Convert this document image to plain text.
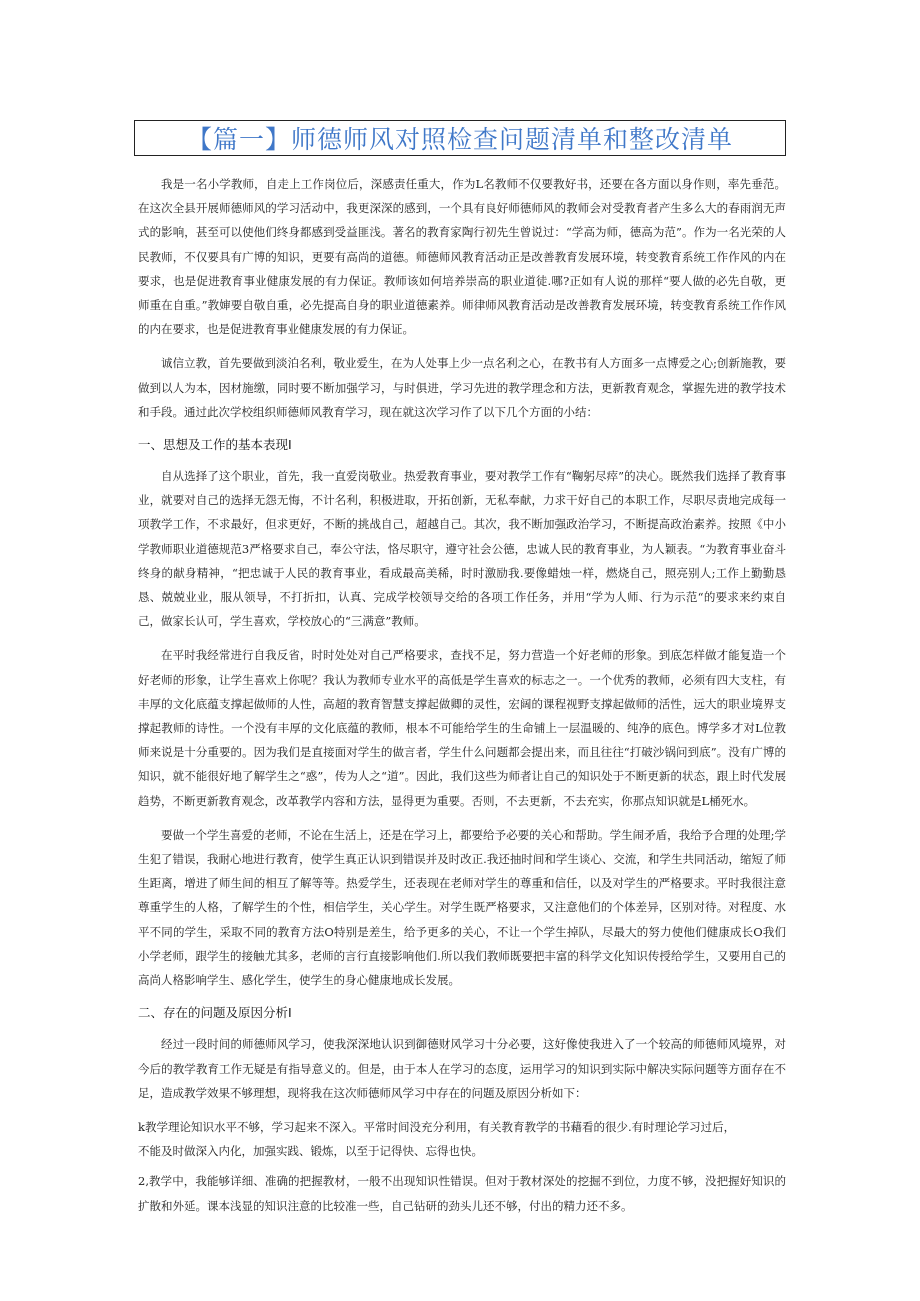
【篇一】师德师风对照检查问题清单和整改清单

我是一名小学教师，自走上工作岗位后，深感责任重大，作为L名教师不仅要教好书，还要在各方面以身作则，率先垂范。在这次全县开展师德师风的学习活动中，我更深深的感到，一个具有良好师德师风的教师会对受教育者产生多么大的春雨润无声式的影响，甚至可以使他们终身都感到受益匪浅。著名的教育家陶行初先生曾说过：“学高为师，德高为范”。作为一名光荣的人民教师，不仅要具有广博的知识，更要有高尚的道德。师德师风教育活动正是改善教育发展环境，转变教育系统工作作风的内在要求，也是促进教育事业健康发展的有力保证。教师该如何培养崇高的职业道徒.哪?正如有人说的那样“要人做的必先自敬，更师重在自重。”教婶要自敬自重，必先提高自身的职业道德素养。师律师风教育活动是改善教育发展环境，转变教育系统工作作风的内在要求，也是促进教育事业健康发展的有力保证。

诚信立教，首先要做到淡泊名利，敬业爱生，在为人处事上少一点名利之心，在教书有人方面多一点博爱之心;创新施教，要做到以人为本，因材施缴，同时要不断加强学习，与时俱进，学习先进的教学理念和方法，更新教育观念，掌握先进的教学技术和手段。通过此次学校组织师德师风教育学习，现在就这次学习作了以下几个方面的小结：

一、思想及工作的基本表现I

自从选择了这个职业，首先，我一直爱岗敬业。热爱教育事业，要对教学工作有“鞠躬尽瘁”的决心。既然我们选择了教育事业，就要对自己的选择无怨无悔，不计名利，积极进取，开拓创新，无私奉献，力求干好自己的本职工作，尽职尽责地完成每一项教学工作，不求最好，但求更好，不断的挑战自己，超越自己。其次，我不断加强政治学习，不断提高政治素养。按照《中小学教师职业道德规范3严格要求自己，奉公守法，恪尽职守，遵守社会公德，忠诚人民的教育事业，为人颖表。“为教育事业奋斗终身的献身精神，“把忠诚于人民的教育事业，看成最高美稀，时时激励我.要像蜡烛一样，燃烧自己，照亮别人;工作上勤勤恳恳、兢兢业业，服从领导，不打折扣，认真、完成学校领导交给的各项工作任务，并用“学为人师、行为示范“的要求来约束自己，做家长认可，学生喜欢，学校放心的“三满意”教师。

在平时我经常进行自我反省，时时处处对自己严格要求，查找不足，努力营造一个好老师的形象。到底怎样做才能复造一个好老师的形象，让学生喜欢上你呢？我认为教师专业水平的高低是学生喜欢的标志之一。一个优秀的教师，必须有四大支柱，有丰厚的文化底蕴支撑起做师的人性，高超的教育智慧支撑起做卿的灵性，宏阔的课程视野支撑起做师的活性，远大的职业境界支撑起教师的诗性。一个没有丰厚的文化底蕴的教师，根本不可能给学生的生命铺上一层温暖的、纯净的底色。博学多才对L位教师来说是十分重要的。因为我们是直接面对学生的做言者，学生什么问题都会提出来，而且往往“打破沙锅问到底”。没有广博的知识，就不能很好地了解学生之“惑”，传为人之“道”。因此，我们这些为师者让自己的知识处于不断更新的状态，跟上时代发展趋势，不断更新教育观念，改革教学内容和方法，显得更为重要。否则，不去更新，不去充实，你那点知识就是L桶死水。

要做一个学生喜爱的老师，不论在生活上，还是在学习上，都要给予必要的关心和帮助。学生闹矛盾，我给予合理的处理;学生犯了错误，我耐心地进行教育，使学生真正认识到错误并及时改正.我还抽时间和学生谈心、交流，和学生共同活动，缩短了师生距离，增进了师生间的相互了解等等。热爱学生，还表现在老师对学生的尊重和信任，以及对学生的严格要求。平时我很注意尊重学生的人格，了解学生的个性，相信学生，关心学生。对学生既严格要求，又注意他们的个体差异，区别对待。对程度、水平不同的学生，采取不同的教育方法O特别是差生，给予更多的关心，不让一个学生掉队，尽最大的努力使他们健康成长O我们小学老师，跟学生的接触尤其多，老师的言行直接影响他们.所以我们教师既要把丰富的科学文化知识传授给学生，又要用自己的高尚人格影响学生、感化学生，使学生的身心健康地成长发展。

二、存在的问题及原因分析I

经过一段时间的师德师风学习，使我深深地认识到御德财风学习十分必要，这好像使我进入了一个较高的师德师风境界，对今后的教学教育工作无疑是有指导意义的。但是，由于本人在学习的态度，运用学习的知识到实际中解决实际问题等方面存在不足，造成教学效果不够理想，现将我在这次师德师风学习中存在的问题及原因分析如下：

k教学理论知识水平不够，学习起来不深入。平常时间没充分利用，有关教育教学的书藉看的很少.有时理论学习过后，
不能及时做深入内化，加强实践、锻炼，以至于记得快、忘得也快。
2,教学中，我能够详细、准确的把握教材，一般不出现知识性错误。但对于教材深处的挖掘不到位，力度不够，没把握好知识的扩散和外延。课本浅显的知识注意的比较准一些，自己钻研的劲头儿还不够，付出的精力还不多。
